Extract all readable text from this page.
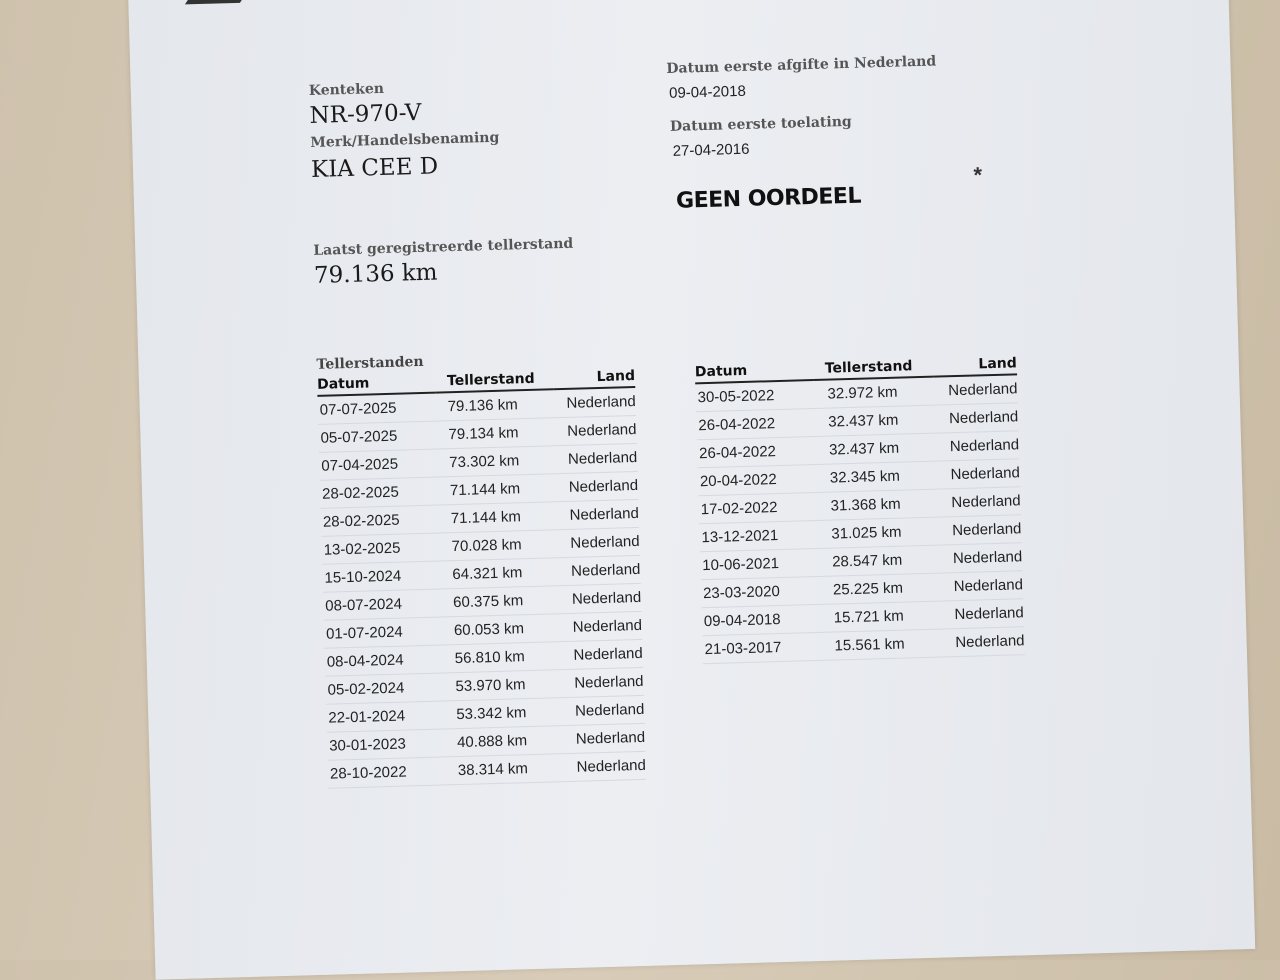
Kenteken
NR-970-V
Merk/Handelsbenaming
KIA CEE D
Datum eerste afgifte in Nederland
09-04-2018
Datum eerste toelating
27-04-2016
GEEN OORDEEL
*
Laatst geregistreerde tellerstand
79.136 km
Tellerstanden
Datum	Tellerstand	Land
07-07-2025	79.136 km	Nederland
05-07-2025	79.134 km	Nederland
07-04-2025	73.302 km	Nederland
28-02-2025	71.144 km	Nederland
28-02-2025	71.144 km	Nederland
13-02-2025	70.028 km	Nederland
15-10-2024	64.321 km	Nederland
08-07-2024	60.375 km	Nederland
01-07-2024	60.053 km	Nederland
08-04-2024	56.810 km	Nederland
05-02-2024	53.970 km	Nederland
22-01-2024	53.342 km	Nederland
30-01-2023	40.888 km	Nederland
28-10-2022	38.314 km	Nederland
Datum	Tellerstand	Land
30-05-2022	32.972 km	Nederland
26-04-2022	32.437 km	Nederland
26-04-2022	32.437 km	Nederland
20-04-2022	32.345 km	Nederland
17-02-2022	31.368 km	Nederland
13-12-2021	31.025 km	Nederland
10-06-2021	28.547 km	Nederland
23-03-2020	25.225 km	Nederland
09-04-2018	15.721 km	Nederland
21-03-2017	15.561 km	Nederland
